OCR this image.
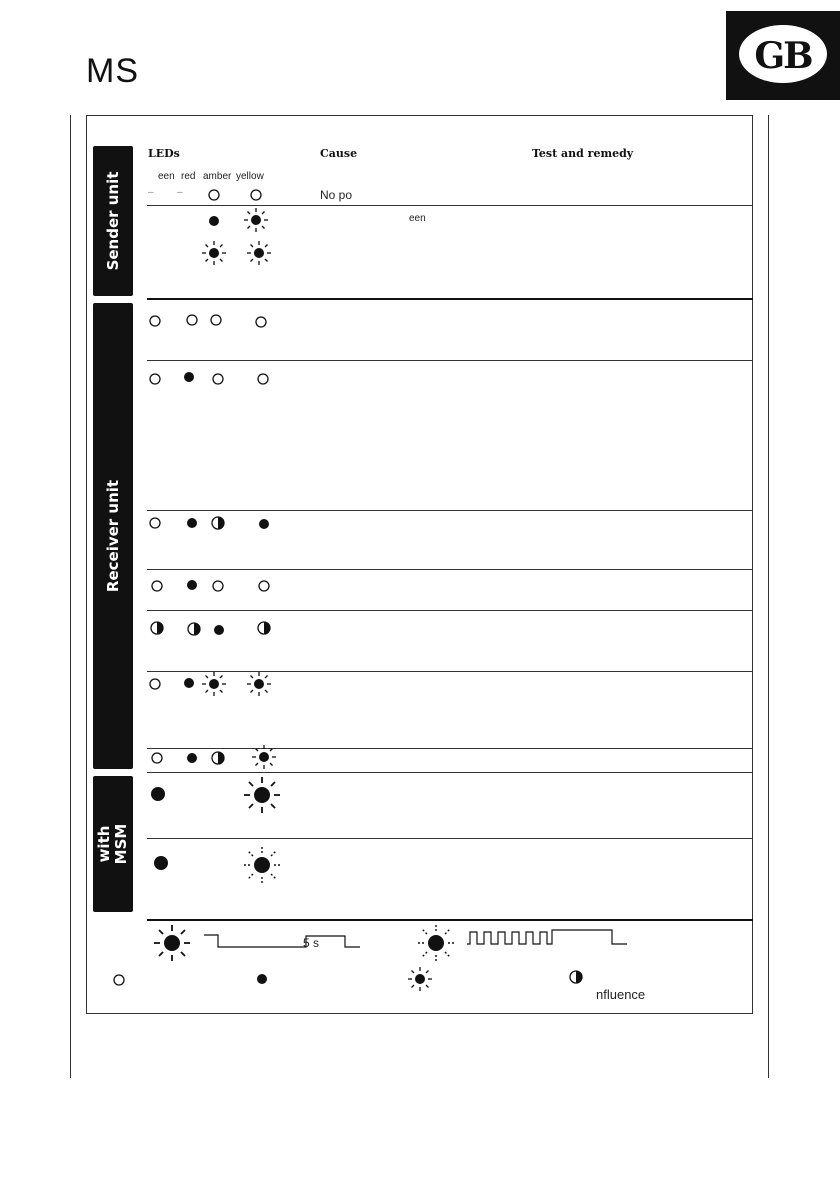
MS	GB
Sender unit
Receiver unit
with MSM
LEDs	Cause	Test and remedy
een red amber yellow
– –	No po
een
5 s
nfluence
